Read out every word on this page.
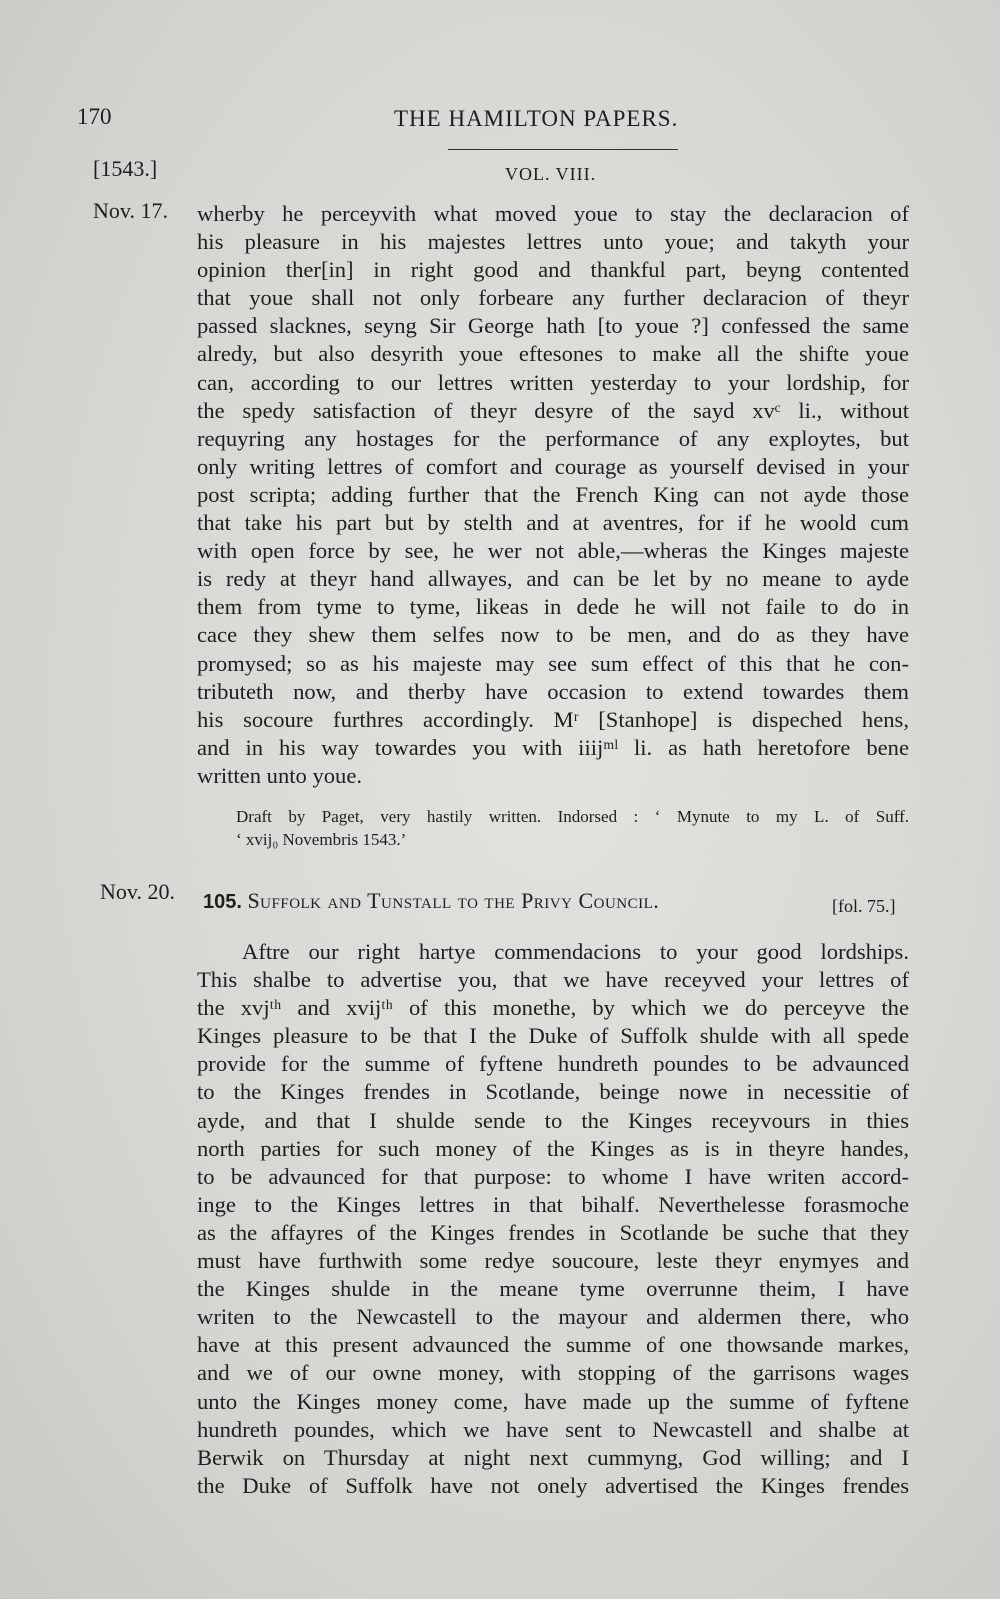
170	THE HAMILTON PAPERS.
[1543.]	VOL. VIII.
Nov. 17. wherby he perceyvith what moved youe to stay the declaracion of
his pleasure in his majestes lettres unto youe; and takyth your
opinion ther[in] in right good and thankful part, beyng contented
that youe shall not only forbeare any further declaracion of theyr
passed slacknes, seyng Sir George hath [to youe ?] confessed the same
alredy, but also desyrith youe eftesones to make all the shifte youe
can, according to our lettres written yesterday to your lordship, for
the spedy satisfaction of theyr desyre of the sayd xvᶜ li., without
requyring any hostages for the performance of any exploytes, but
only writing lettres of comfort and courage as yourself devised in your
post scripta; adding further that the French King can not ayde those
that take his part but by stelth and at aventres, for if he woold cum
with open force by see, he wer not able,—wheras the Kinges majeste
is redy at theyr hand allwayes, and can be let by no meane to ayde
them from tyme to tyme, likeas in dede he will not faile to do in
cace they shew them selfes now to be men, and do as they have
promysed; so as his majeste may see sum effect of this that he con-
tributeth now, and therby have occasion to extend towardes them
his socoure furthres accordingly. Mʳ [Stanhope] is dispeched hens,
and in his way towardes you with iiijᵐˡ li. as hath heretofore bene
written unto youe.
Draft by Paget, very hastily written. Indorsed : ‘ Mynute to my L. of Suff.
‘ xvij₀ Novembris 1543.’
Nov. 20. 105. Suffolk and Tunstall to the Privy Council.	[fol. 75.]
Aftre our right hartye commendacions to your good lordships.
This shalbe to advertise you, that we have receyved your lettres of
the xvjᵗʰ and xvijᵗʰ of this monethe, by which we do perceyve the
Kinges pleasure to be that I the Duke of Suffolk shulde with all spede
provide for the summe of fyftene hundreth poundes to be advaunced
to the Kinges frendes in Scotlande, beinge nowe in necessitie of
ayde, and that I shulde sende to the Kinges receyvours in thies
north parties for such money of the Kinges as is in theyre handes,
to be advaunced for that purpose: to whome I have writen accord-
inge to the Kinges lettres in that bihalf. Neverthelesse forasmoche
as the affayres of the Kinges frendes in Scotlande be suche that they
must have furthwith some redye soucoure, leste theyr enymyes and
the Kinges shulde in the meane tyme overrunne theim, I have
writen to the Newcastell to the mayour and aldermen there, who
have at this present advaunced the summe of one thowsande markes,
and we of our owne money, with stopping of the garrisons wages
unto the Kinges money come, have made up the summe of fyftene
hundreth poundes, which we have sent to Newcastell and shalbe at
Berwik on Thursday at night next cummyng, God willing; and I
the Duke of Suffolk have not onely advertised the Kinges frendes
